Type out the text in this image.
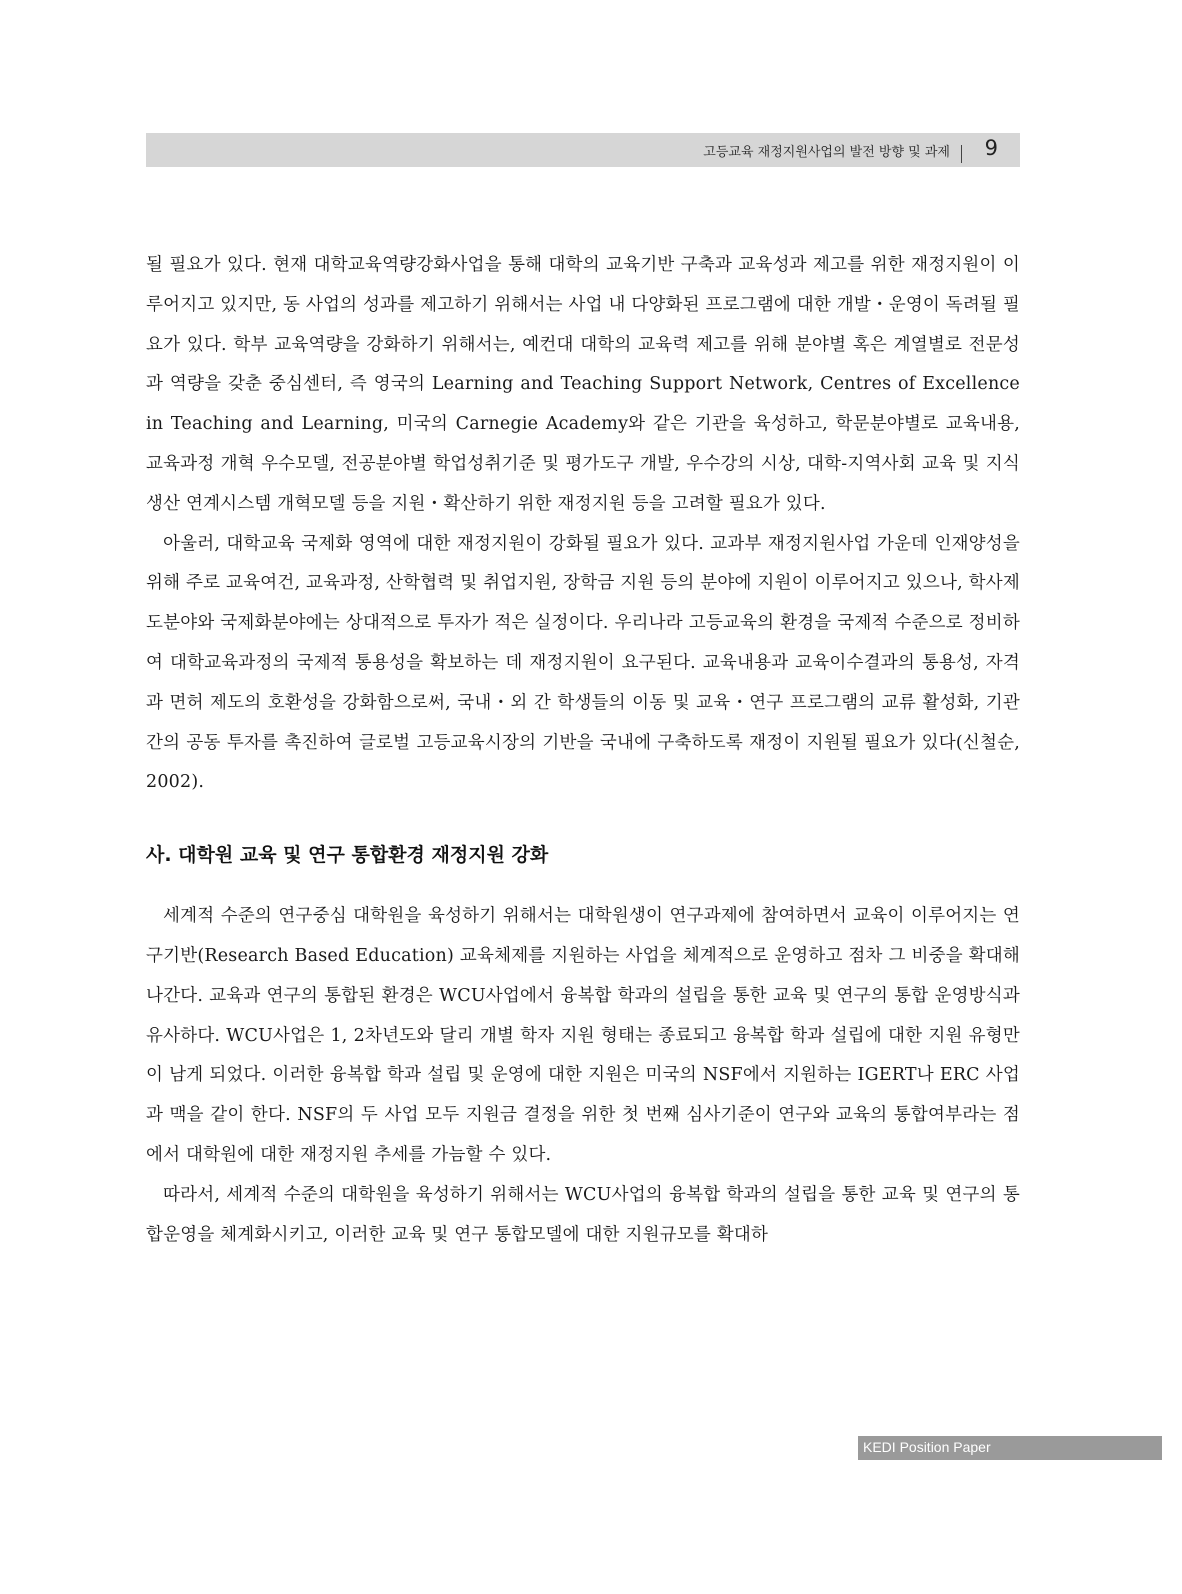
고등교육 재정지원사업의 발전 방향 및 과제 9

될 필요가 있다. 현재 대학교육역량강화사업을 통해 대학의 교육기반 구축과 교육성과 제고를 위한 재정지원이 이루어지고 있지만, 동 사업의 성과를 제고하기 위해서는 사업 내 다양화된 프로그램에 대한 개발・운영이 독려될 필요가 있다. 학부 교육역량을 강화하기 위해서는, 예컨대 대학의 교육력 제고를 위해 분야별 혹은 계열별로 전문성과 역량을 갖춘 중심센터, 즉 영국의 Learning and Teaching Support Network, Centres of Excellence in Teaching and Learning, 미국의 Carnegie Academy와 같은 기관을 육성하고, 학문분야별로 교육내용, 교육과정 개혁 우수모델, 전공분야별 학업성취기준 및 평가도구 개발, 우수강의 시상, 대학-지역사회 교육 및 지식생산 연계시스템 개혁모델 등을 지원・확산하기 위한 재정지원 등을 고려할 필요가 있다.

아울러, 대학교육 국제화 영역에 대한 재정지원이 강화될 필요가 있다. 교과부 재정지원사업 가운데 인재양성을 위해 주로 교육여건, 교육과정, 산학협력 및 취업지원, 장학금 지원 등의 분야에 지원이 이루어지고 있으나, 학사제도분야와 국제화분야에는 상대적으로 투자가 적은 실정이다. 우리나라 고등교육의 환경을 국제적 수준으로 정비하여 대학교육과정의 국제적 통용성을 확보하는 데 재정지원이 요구된다. 교육내용과 교육이수결과의 통용성, 자격과 면허 제도의 호환성을 강화함으로써, 국내・외 간 학생들의 이동 및 교육・연구 프로그램의 교류 활성화, 기관 간의 공동 투자를 촉진하여 글로벌 고등교육시장의 기반을 국내에 구축하도록 재정이 지원될 필요가 있다(신철순, 2002).

사. 대학원 교육 및 연구 통합환경 재정지원 강화

세계적 수준의 연구중심 대학원을 육성하기 위해서는 대학원생이 연구과제에 참여하면서 교육이 이루어지는 연구기반(Research Based Education) 교육체제를 지원하는 사업을 체계적으로 운영하고 점차 그 비중을 확대해 나간다. 교육과 연구의 통합된 환경은 WCU사업에서 융복합 학과의 설립을 통한 교육 및 연구의 통합 운영방식과 유사하다. WCU사업은 1, 2차년도와 달리 개별 학자 지원 형태는 종료되고 융복합 학과 설립에 대한 지원 유형만이 남게 되었다. 이러한 융복합 학과 설립 및 운영에 대한 지원은 미국의 NSF에서 지원하는 IGERT나 ERC 사업과 맥을 같이 한다. NSF의 두 사업 모두 지원금 결정을 위한 첫 번째 심사기준이 연구와 교육의 통합여부라는 점에서 대학원에 대한 재정지원 추세를 가늠할 수 있다.

따라서, 세계적 수준의 대학원을 육성하기 위해서는 WCU사업의 융복합 학과의 설립을 통한 교육 및 연구의 통합운영을 체계화시키고, 이러한 교육 및 연구 통합모델에 대한 지원규모를 확대하

KEDI Position Paper
